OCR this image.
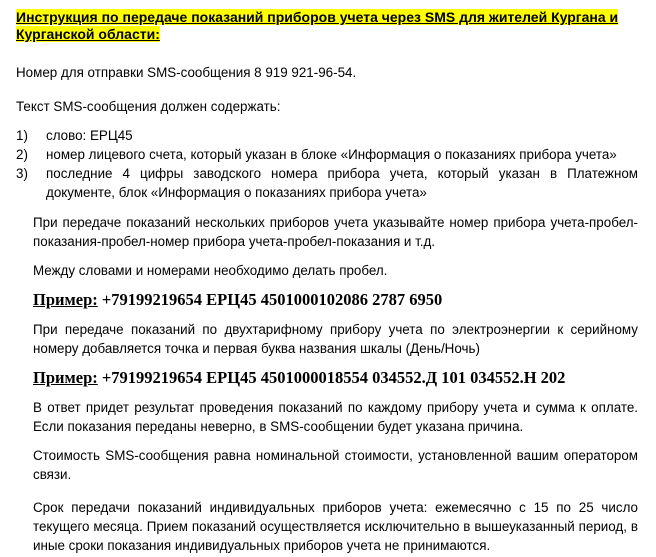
Инструкция по передаче показаний приборов учета через SMS для жителей Кургана и Курганской области:

Номер для отправки SMS-сообщения 8 919 921-96-54.

Текст SMS-сообщения должен содержать:

1)	слово: ЕРЦ45
2)	номер лицевого счета, который указан в блоке «Информация о показаниях прибора учета»
3)	последние 4 цифры заводского номера прибора учета, который указан в Платежном документе, блок «Информация о показаниях прибора учета»

При передаче показаний нескольких приборов учета указывайте номер прибора учета-пробел-показания-пробел-номер прибора учета-пробел-показания и т.д.

Между словами и номерами необходимо делать пробел.

Пример: +79199219654 ЕРЦ45 4501000102086 2787 6950

При передаче показаний по двухтарифному прибору учета по электроэнергии к серийному номеру добавляется точка и первая буква названия шкалы (День/Ночь)

Пример: +79199219654 ЕРЦ45 4501000018554 034552.Д 101 034552.Н 202

В ответ придет результат проведения показаний по каждому прибору учета и сумма к оплате. Если показания переданы неверно, в SMS-сообщении будет указана причина.

Стоимость SMS-сообщения равна номинальной стоимости, установленной вашим оператором связи.

Срок передачи показаний индивидуальных приборов учета: ежемесячно с 15 по 25 число текущего месяца. Прием показаний осуществляется исключительно в вышеуказанный период, в иные сроки показания индивидуальных приборов учета не принимаются.
